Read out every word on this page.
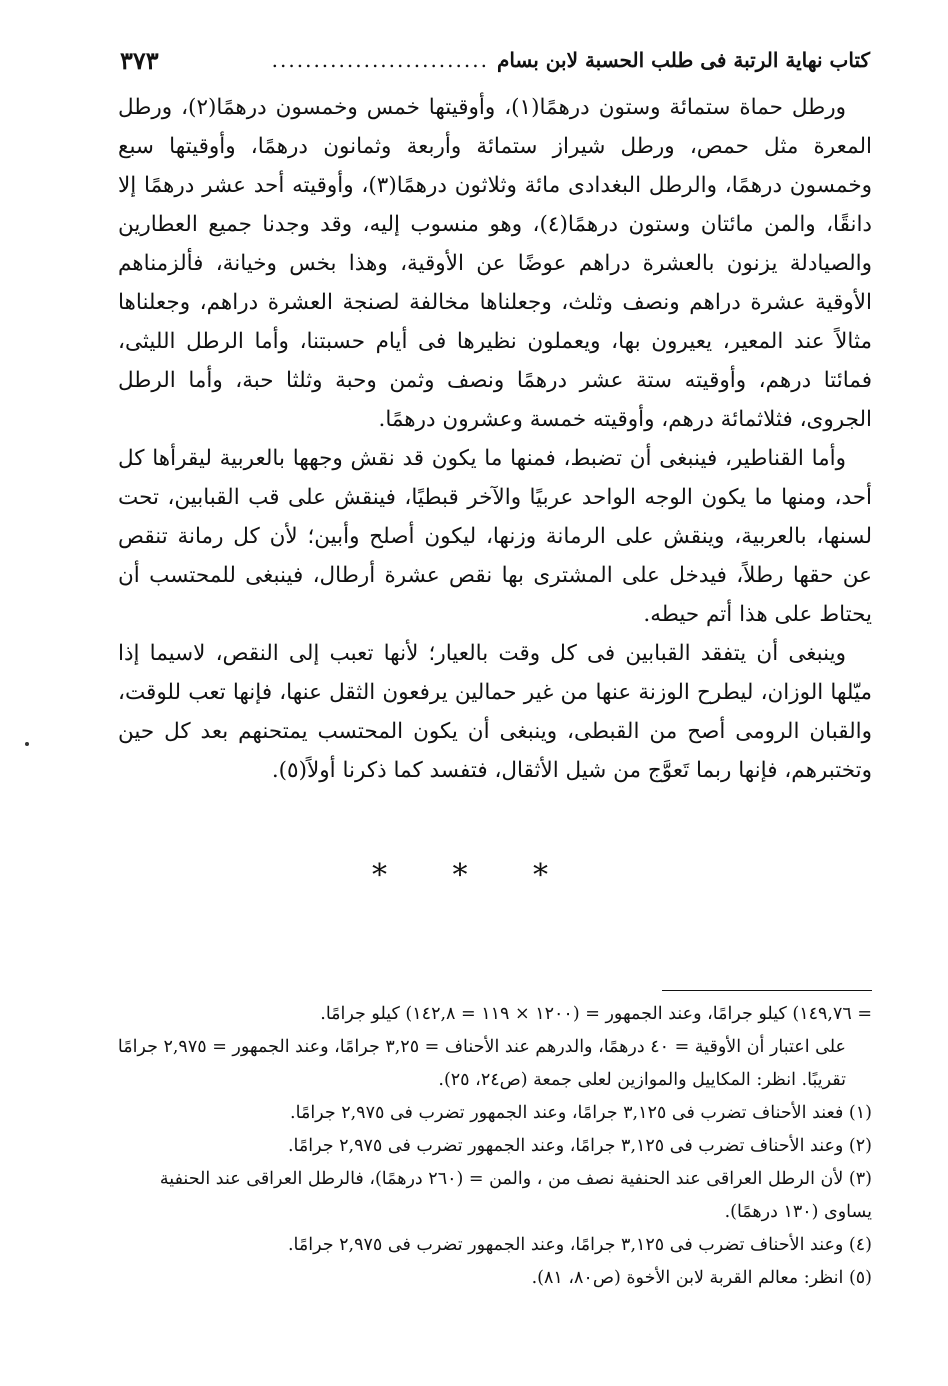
كتاب نهاية الرتبة فى طلب الحسبة لابن بسام
..........................
٣٧٣

ورطل حماة ستمائة وستون درهمًا(١)، وأوقيتها خمس وخمسون درهمًا(٢)، ورطل المعرة مثل حمص، ورطل شيراز ستمائة وأربعة وثمانون درهمًا، وأوقيتها سبع وخمسون درهمًا، والرطل البغدادى مائة وثلاثون درهمًا(٣)، وأوقيته أحد عشر درهمًا إلا دانقًا، والمن مائتان وستون درهمًا(٤)، وهو منسوب إليه، وقد وجدنا جميع العطارين والصيادلة يزنون بالعشرة دراهم عوضًا عن الأوقية، وهذا بخس وخيانة، فألزمناهم الأوقية عشرة دراهم ونصف وثلث، وجعلناها مخالفة لصنجة العشرة دراهم، وجعلناها مثالاً عند المعير، يعيرون بها، ويعملون نظيرها فى أيام حسبتنا، وأما الرطل الليثى، فمائتا درهم، وأوقيته ستة عشر درهمًا ونصف وثمن وحبة وثلثا حبة، وأما الرطل الجروى، فثلاثمائة درهم، وأوقيته خمسة وعشرون درهمًا.

وأما القناطير، فينبغى أن تضبط، فمنها ما يكون قد نقش وجهها بالعربية ليقرأها كل أحد، ومنها ما يكون الوجه الواحد عربيًا والآخر قبطيًا، فينقش على قب القبابين، تحت لسنها، بالعربية، وينقش على الرمانة وزنها، ليكون أصلح وأبين؛ لأن كل رمانة تنقص عن حقها رطلاً، فيدخل على المشترى بها نقص عشرة أرطال، فينبغى للمحتسب أن يحتاط على هذا أتم حيطه.

وينبغى أن يتفقد القبابين فى كل وقت بالعيار؛ لأنها تعبب إلى النقص، لاسيما إذا ميّلها الوزان، ليطرح الوزنة عنها من غير حمالين يرفعون الثقل عنها، فإنها تعب للوقت، والقبان الرومى أصح من القبطى، وينبغى أن يكون المحتسب يمتحنهم بعد كل حين وتختبرهم، فإنها ربما تَعوَّج من شيل الأثقال، فتفسد كما ذكرنا أولاً(٥).

* * *

= ١٤٩,٧٦) كيلو جرامًا، وعند الجمهور = (١٢٠٠ × ١١٩ = ١٤٢,٨) كيلو جرامًا.

على اعتبار أن الأوقية = ٤٠ درهمًا، والدرهم عند الأحناف = ٣,٢٥ جرامًا، وعند الجمهور = ٢,٩٧٥ جرامًا تقريبًا. انظر: المكاييل والموازين لعلى جمعة (ص٢٤، ٢٥).

(١) فعند الأحناف تضرب فى ٣,١٢٥ جرامًا، وعند الجمهور تضرب فى ٢,٩٧٥ جرامًا.

(٢) وعند الأحناف تضرب فى ٣,١٢٥ جرامًا، وعند الجمهور تضرب فى ٢,٩٧٥ جرامًا.

(٣) لأن الرطل العراقى عند الحنفية نصف من ، والمن = (٢٦٠ درهمًا)، فالرطل العراقى عند الحنفية يساوى (١٣٠ درهمًا).

(٤) وعند الأحناف تضرب فى ٣,١٢٥ جرامًا، وعند الجمهور تضرب فى ٢,٩٧٥ جرامًا.

(٥) انظر: معالم القربة لابن الأخوة (ص٨٠، ٨١).
